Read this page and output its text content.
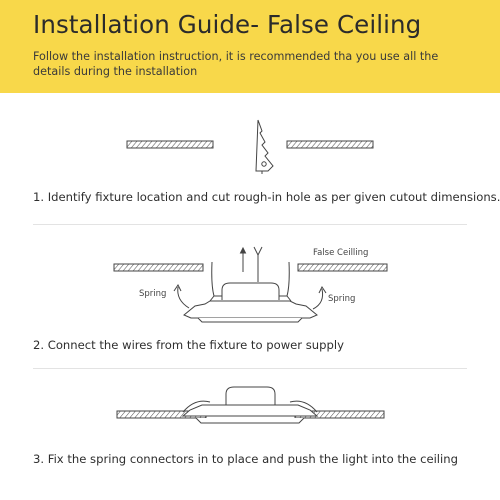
Installation Guide- False Ceiling
Follow the installation instruction, it is recommended tha you use all the details during the installation
1. Identify fixture location and cut rough-in hole as per given cutout dimensions.
False Ceilling
Spring	Spring
2. Connect the wires from the fixture to power supply
3. Fix the spring connectors in to place and push the light into the ceiling
